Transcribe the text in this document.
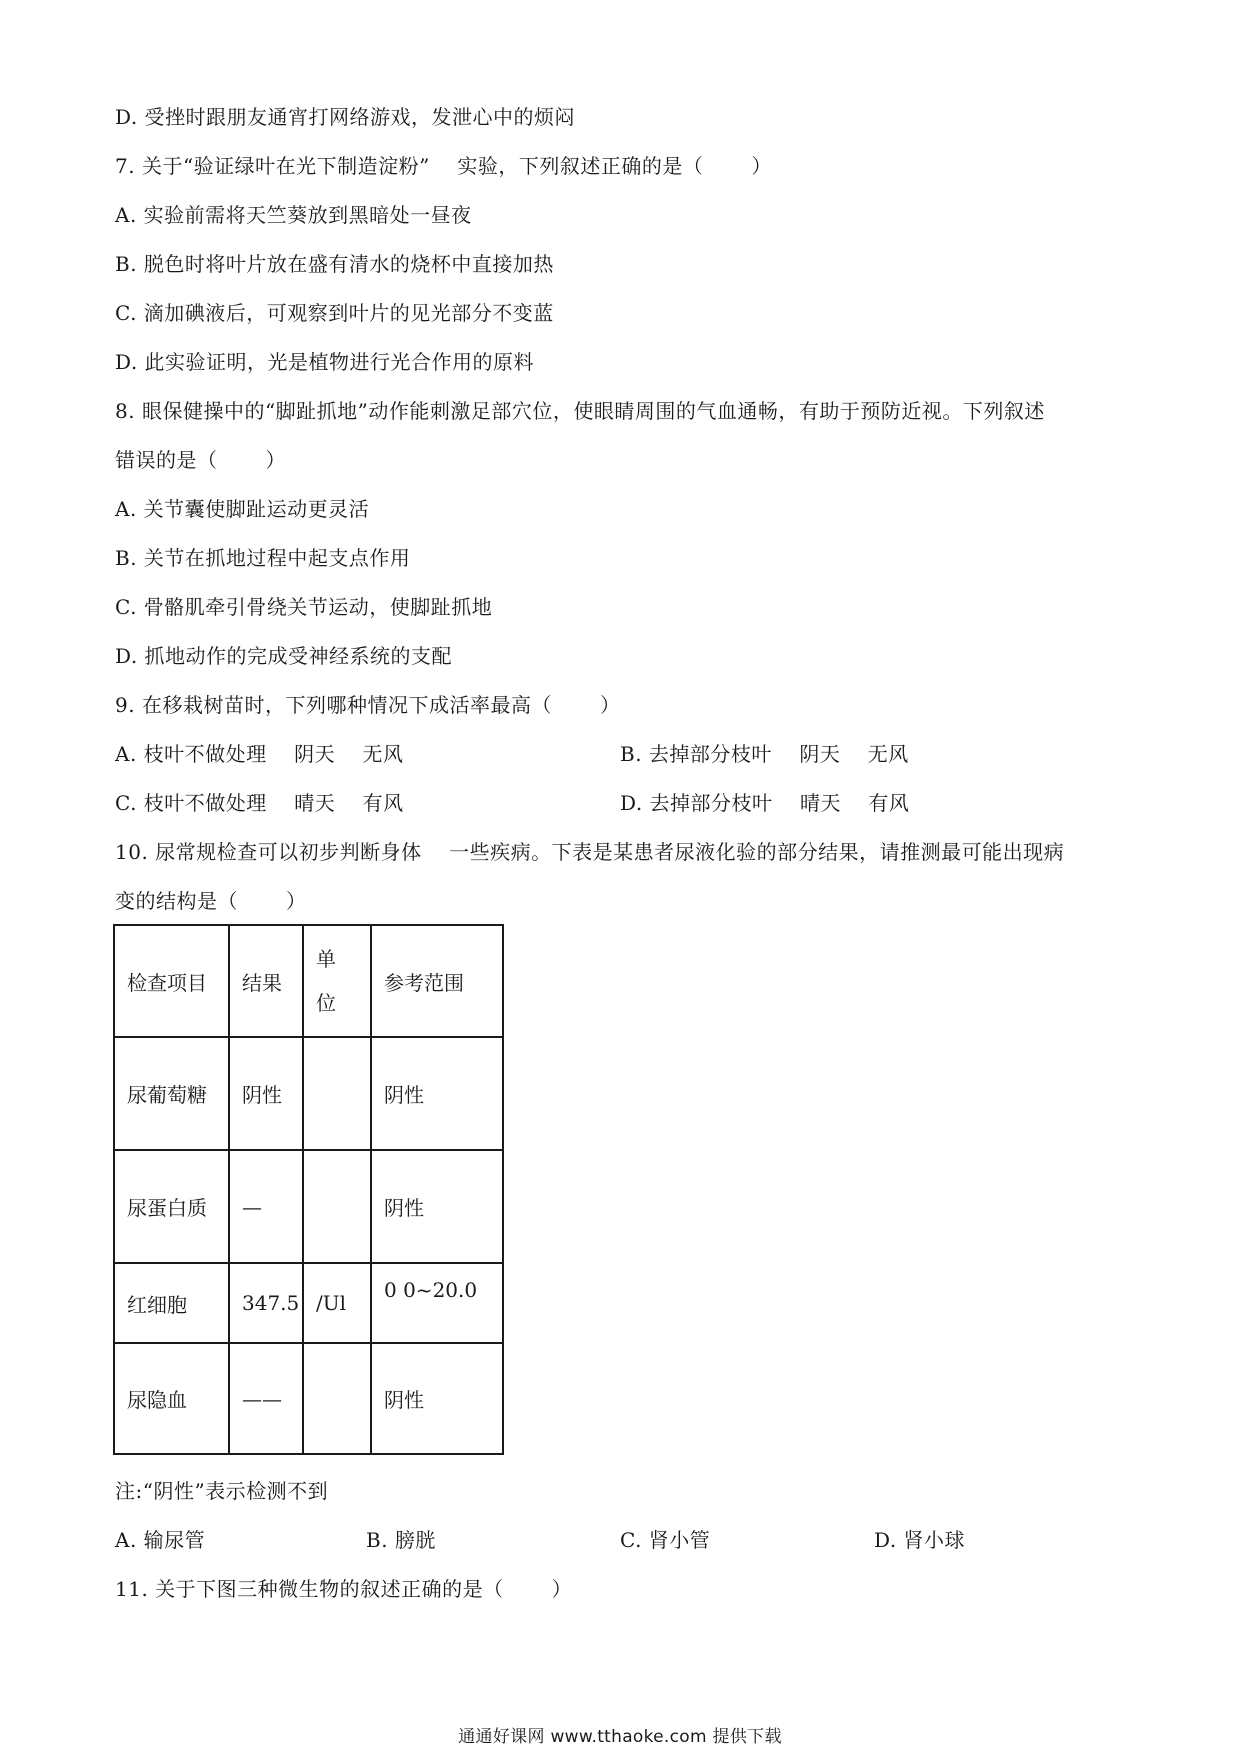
D. 受挫时跟朋友通宵打网络游戏，发泄心中的烦闷
7. 关于“验证绿叶在光下制造淀粉”    实验，下列叙述正确的是（       ）
A. 实验前需将天竺葵放到黑暗处一昼夜
B. 脱色时将叶片放在盛有清水的烧杯中直接加热
C. 滴加碘液后，可观察到叶片的见光部分不变蓝
D. 此实验证明，光是植物进行光合作用的原料
8. 眼保健操中的“脚趾抓地”动作能刺激足部穴位，使眼睛周围的气血通畅，有助于预防近视。下列叙述
错误的是（       ）
A. 关节囊使脚趾运动更灵活
B. 关节在抓地过程中起支点作用
C. 骨骼肌牵引骨绕关节运动，使脚趾抓地
D. 抓地动作的完成受神经系统的支配
9. 在移栽树苗时，下列哪种情况下成活率最高（       ）
A. 枝叶不做处理    阴天    无风	B. 去掉部分枝叶    阴天    无风
C. 枝叶不做处理    晴天    有风	D. 去掉部分枝叶    晴天    有风
10. 尿常规检查可以初步判断身体    一些疾病。下表是某患者尿液化验的部分结果，请推测最可能出现病
变的结构是（       ）
检查项目	结果	单位	参考范围
尿葡萄糖	阴性		阴性
尿蛋白质	—		阴性
红细胞	347.5	/Ul	0 0~20.0
尿隐血	——		阴性
注:“阴性”表示检测不到
A. 输尿管	B. 膀胱	C. 肾小管	D. 肾小球
11. 关于下图三种微生物的叙述正确的是（       ）
通通好课网 www.tthaoke.com 提供下载
